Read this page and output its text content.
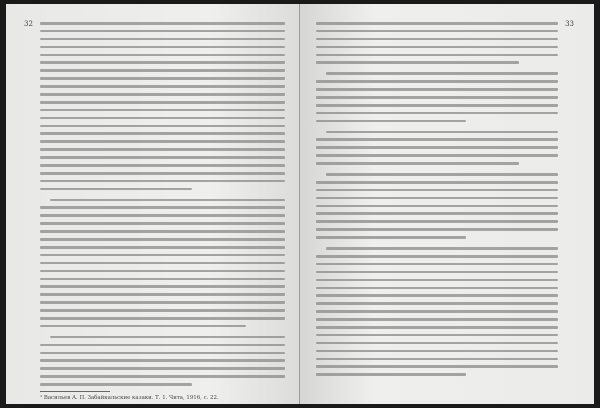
32
¹ Васильев А. П. Забайкальские казаки. Т. 1. Чита, 1916, с. 22.
33
